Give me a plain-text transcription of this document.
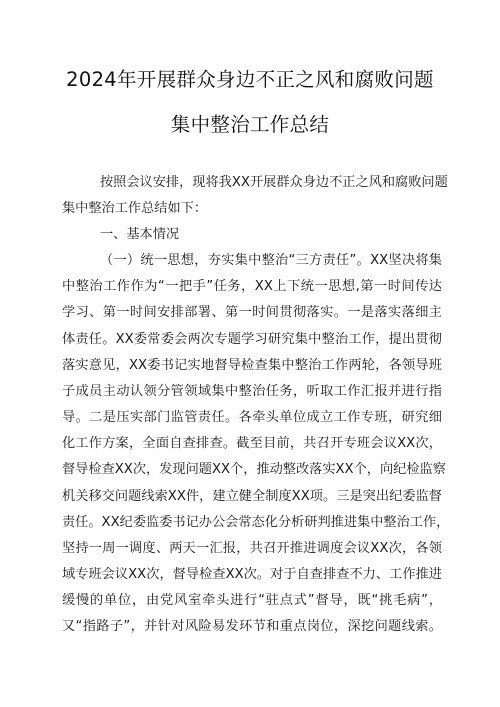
2024年开展群众身边不正之风和腐败问题
集中整治工作总结
按照会议安排，现将我XX开展群众身边不正之风和腐败问题
集中整治工作总结如下：
一、基本情况
（一）统一思想，夯实集中整治“三方责任”。XX坚决将集
中整治工作作为“一把手”任务，XX上下统一思想,第一时间传达
学习、第一时间安排部署、第一时间贯彻落实。一是落实落细主
体责任。XX委常委会两次专题学习研究集中整治工作，提出贯彻
落实意见，XX委书记实地督导检查集中整治工作两轮，各领导班
子成员主动认领分管领域集中整治任务，听取工作汇报并进行指
导。二是压实部门监管责任。各牵头单位成立工作专班，研究细
化工作方案，全面自查排查。截至目前，共召开专班会议XX次，
督导检查XX次，发现问题XX个，推动整改落实XX个，向纪检监察
机关移交问题线索XX件，建立健全制度XX项。三是突出纪委监督
责任。XX纪委监委书记办公会常态化分析研判推进集中整治工作，
坚持一周一调度、两天一汇报，共召开推进调度会议XX次，各领
域专班会议XX次，督导检查XX次。对于自查排查不力、工作推进
缓慢的单位，由党风室牵头进行“驻点式”督导，既“挑毛病”，
又“指路子”，并针对风险易发环节和重点岗位，深挖问题线索。
